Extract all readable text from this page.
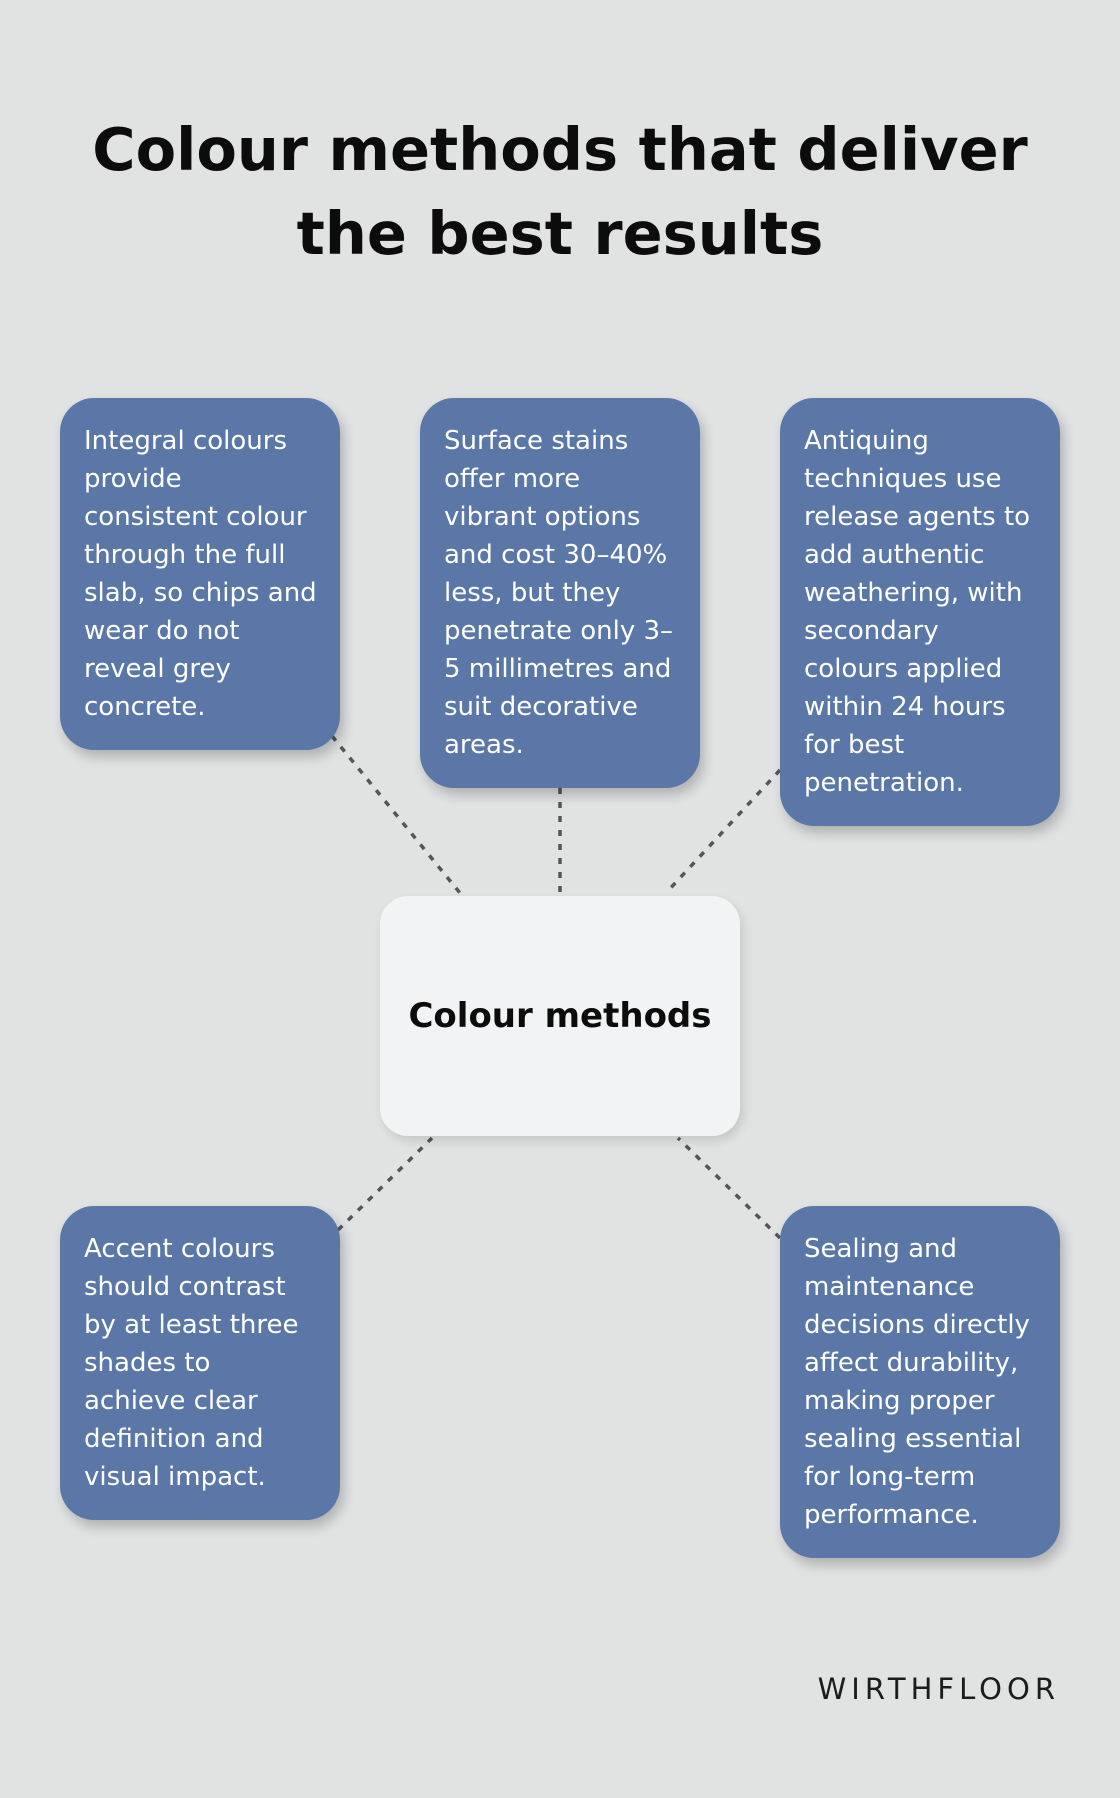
Colour methods that deliver the best results
Integral colours provide consistent colour through the full slab, so chips and wear do not reveal grey concrete.
Surface stains offer more vibrant options and cost 30–40% less, but they penetrate only 3–5 millimetres and suit decorative areas.
Antiquing techniques use release agents to add authentic weathering, with secondary colours applied within 24 hours for best penetration.
Accent colours should contrast by at least three shades to achieve clear definition and visual impact.
Sealing and maintenance decisions directly affect durability, making proper sealing essential for long-term performance.
Colour methods
WIRTHFLOOR
